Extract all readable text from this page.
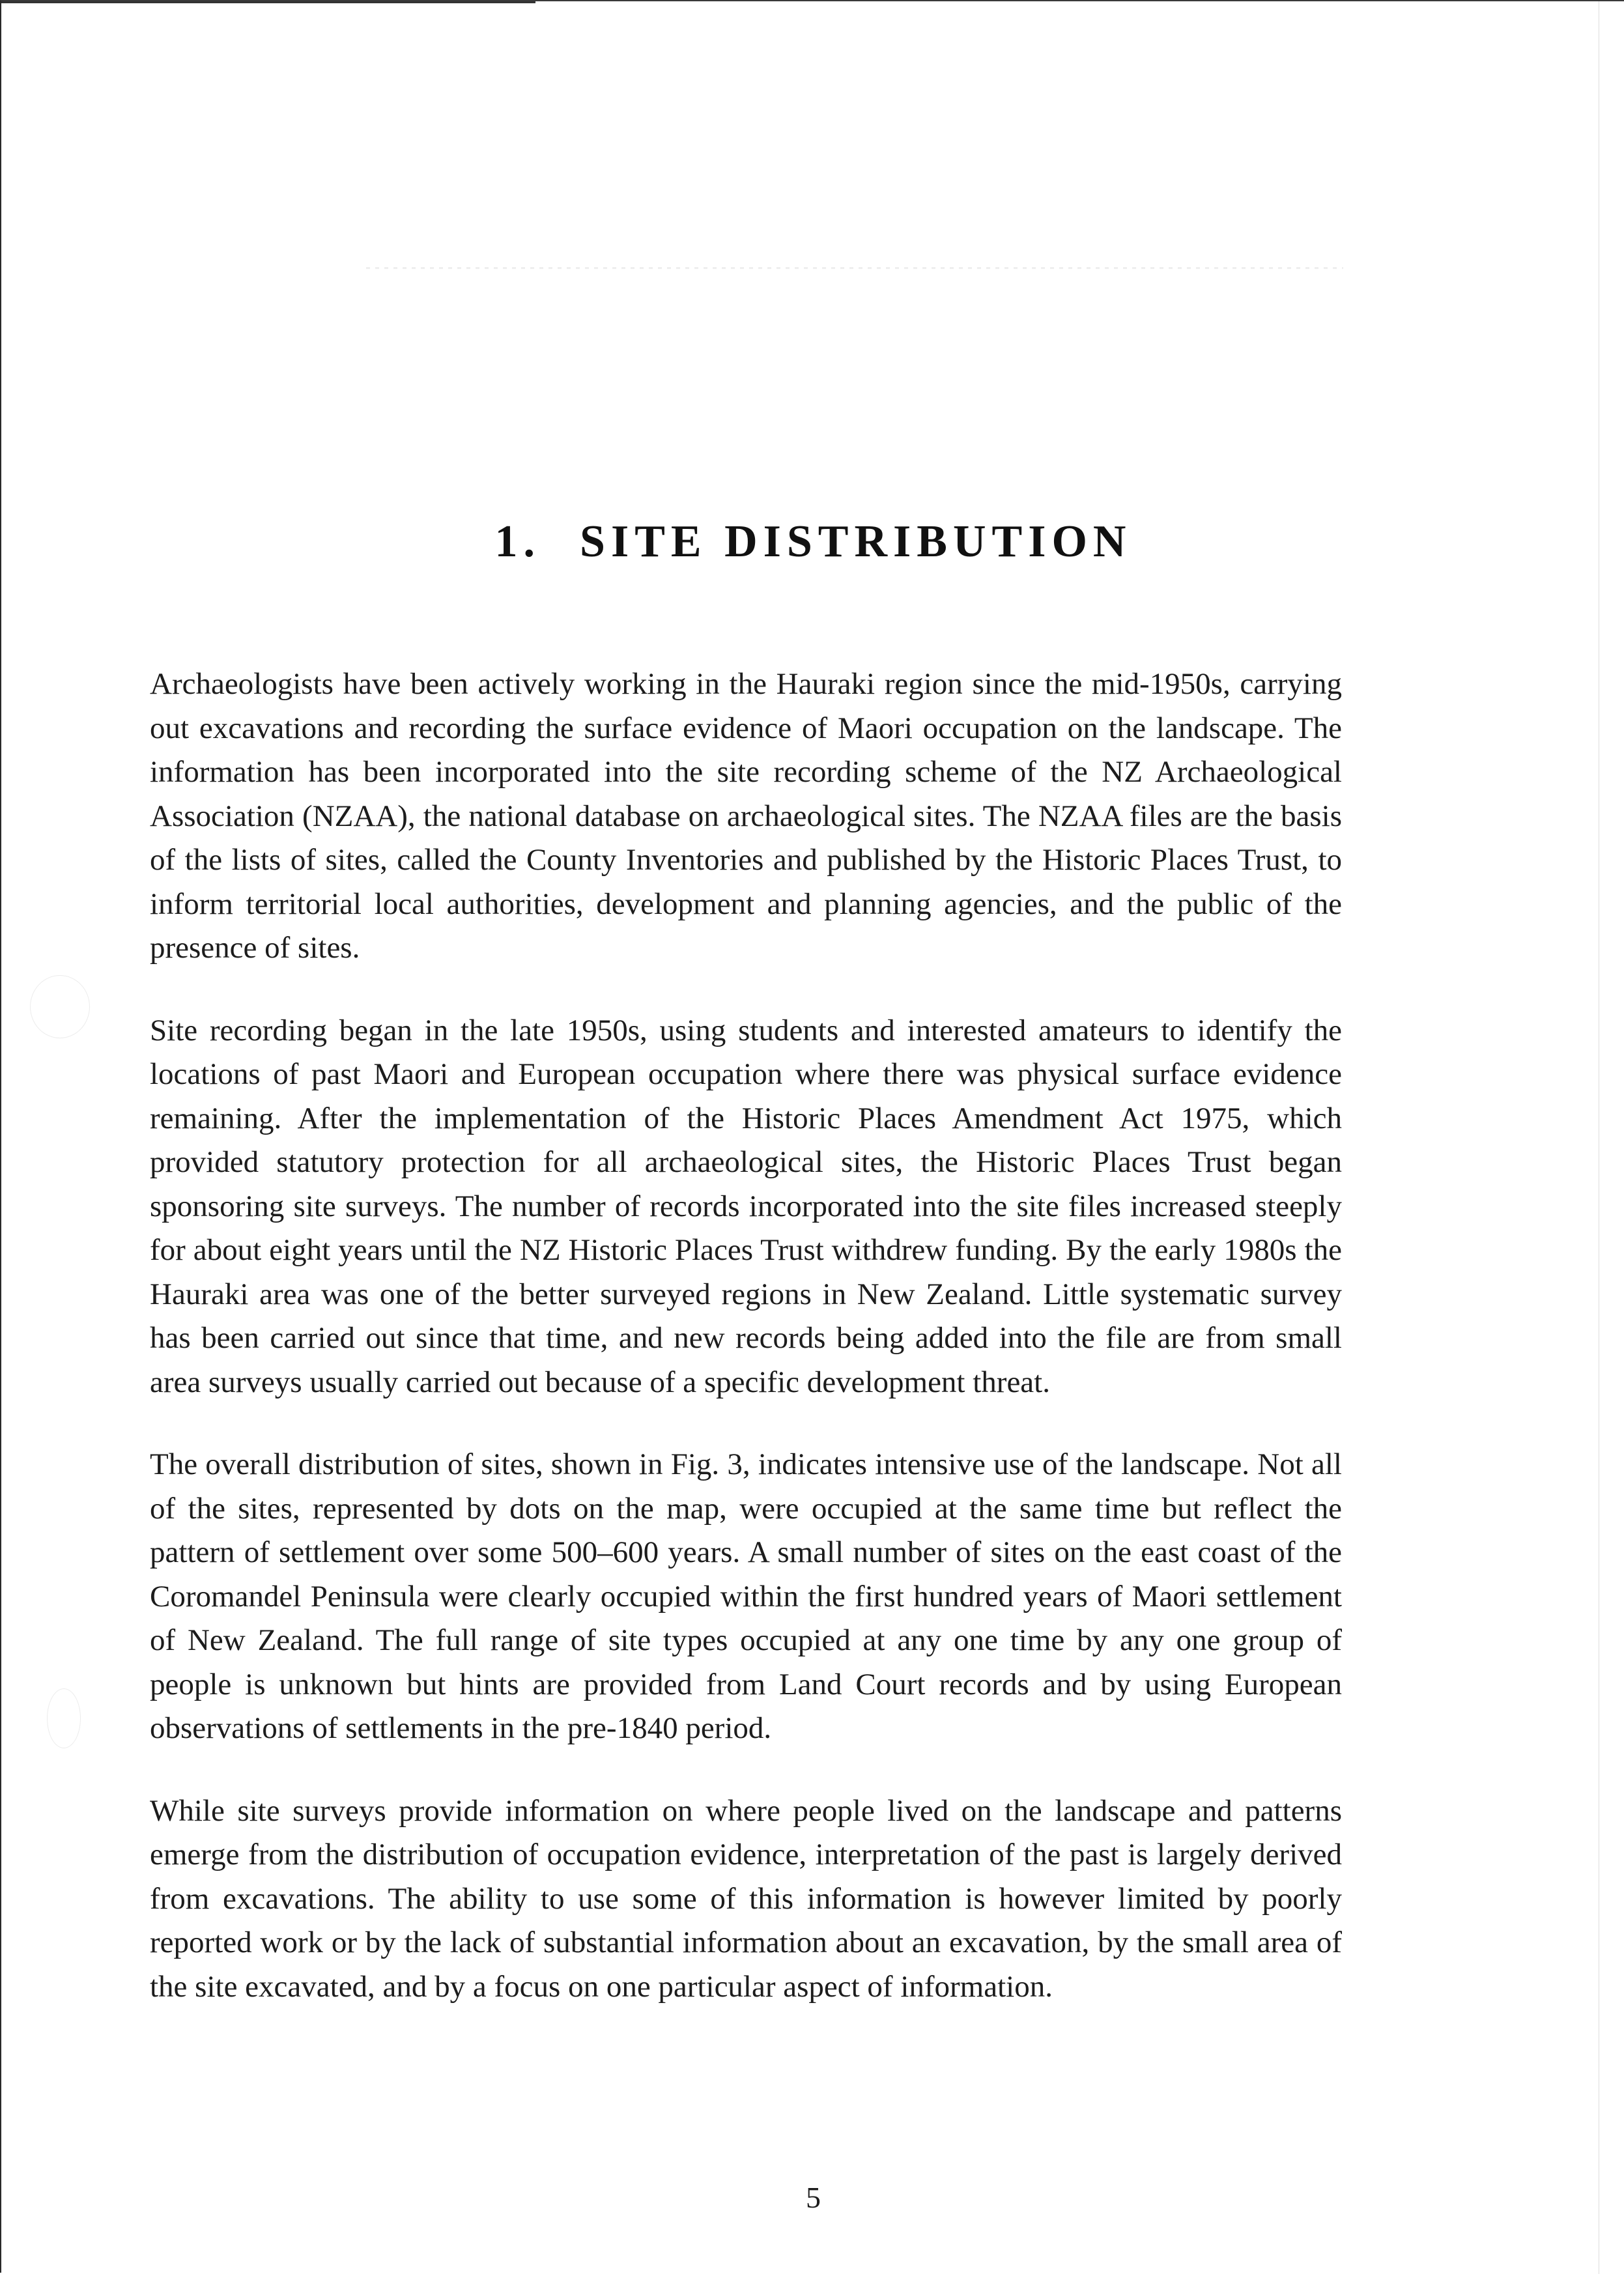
1. SITE DISTRIBUTION

Archaeologists have been actively working in the Hauraki region since the mid-1950s, carrying out excavations and recording the surface evidence of Maori occupation on the landscape. The information has been incorporated into the site recording scheme of the NZ Archaeological Association (NZAA), the national database on archaeological sites. The NZAA files are the basis of the lists of sites, called the County Inventories and published by the Historic Places Trust, to inform territorial local authorities, development and planning agencies, and the public of the presence of sites.

Site recording began in the late 1950s, using students and interested amateurs to identify the locations of past Maori and European occupation where there was physical surface evidence remaining. After the implementation of the Historic Places Amendment Act 1975, which provided statutory protection for all archaeological sites, the Historic Places Trust began sponsoring site surveys. The number of records incorporated into the site files increased steeply for about eight years until the NZ Historic Places Trust withdrew funding. By the early 1980s the Hauraki area was one of the better surveyed regions in New Zealand. Little systematic survey has been carried out since that time, and new records being added into the file are from small area surveys usually carried out because of a specific development threat.

The overall distribution of sites, shown in Fig. 3, indicates intensive use of the landscape. Not all of the sites, represented by dots on the map, were occupied at the same time but reflect the pattern of settlement over some 500–600 years. A small number of sites on the east coast of the Coromandel Peninsula were clearly occupied within the first hundred years of Maori settlement of New Zealand. The full range of site types occupied at any one time by any one group of people is unknown but hints are provided from Land Court records and by using European observations of settlements in the pre-1840 period.

While site surveys provide information on where people lived on the landscape and patterns emerge from the distribution of occupation evidence, interpretation of the past is largely derived from excavations. The ability to use some of this information is however limited by poorly reported work or by the lack of substantial information about an excavation, by the small area of the site excavated, and by a focus on one particular aspect of information.

5
